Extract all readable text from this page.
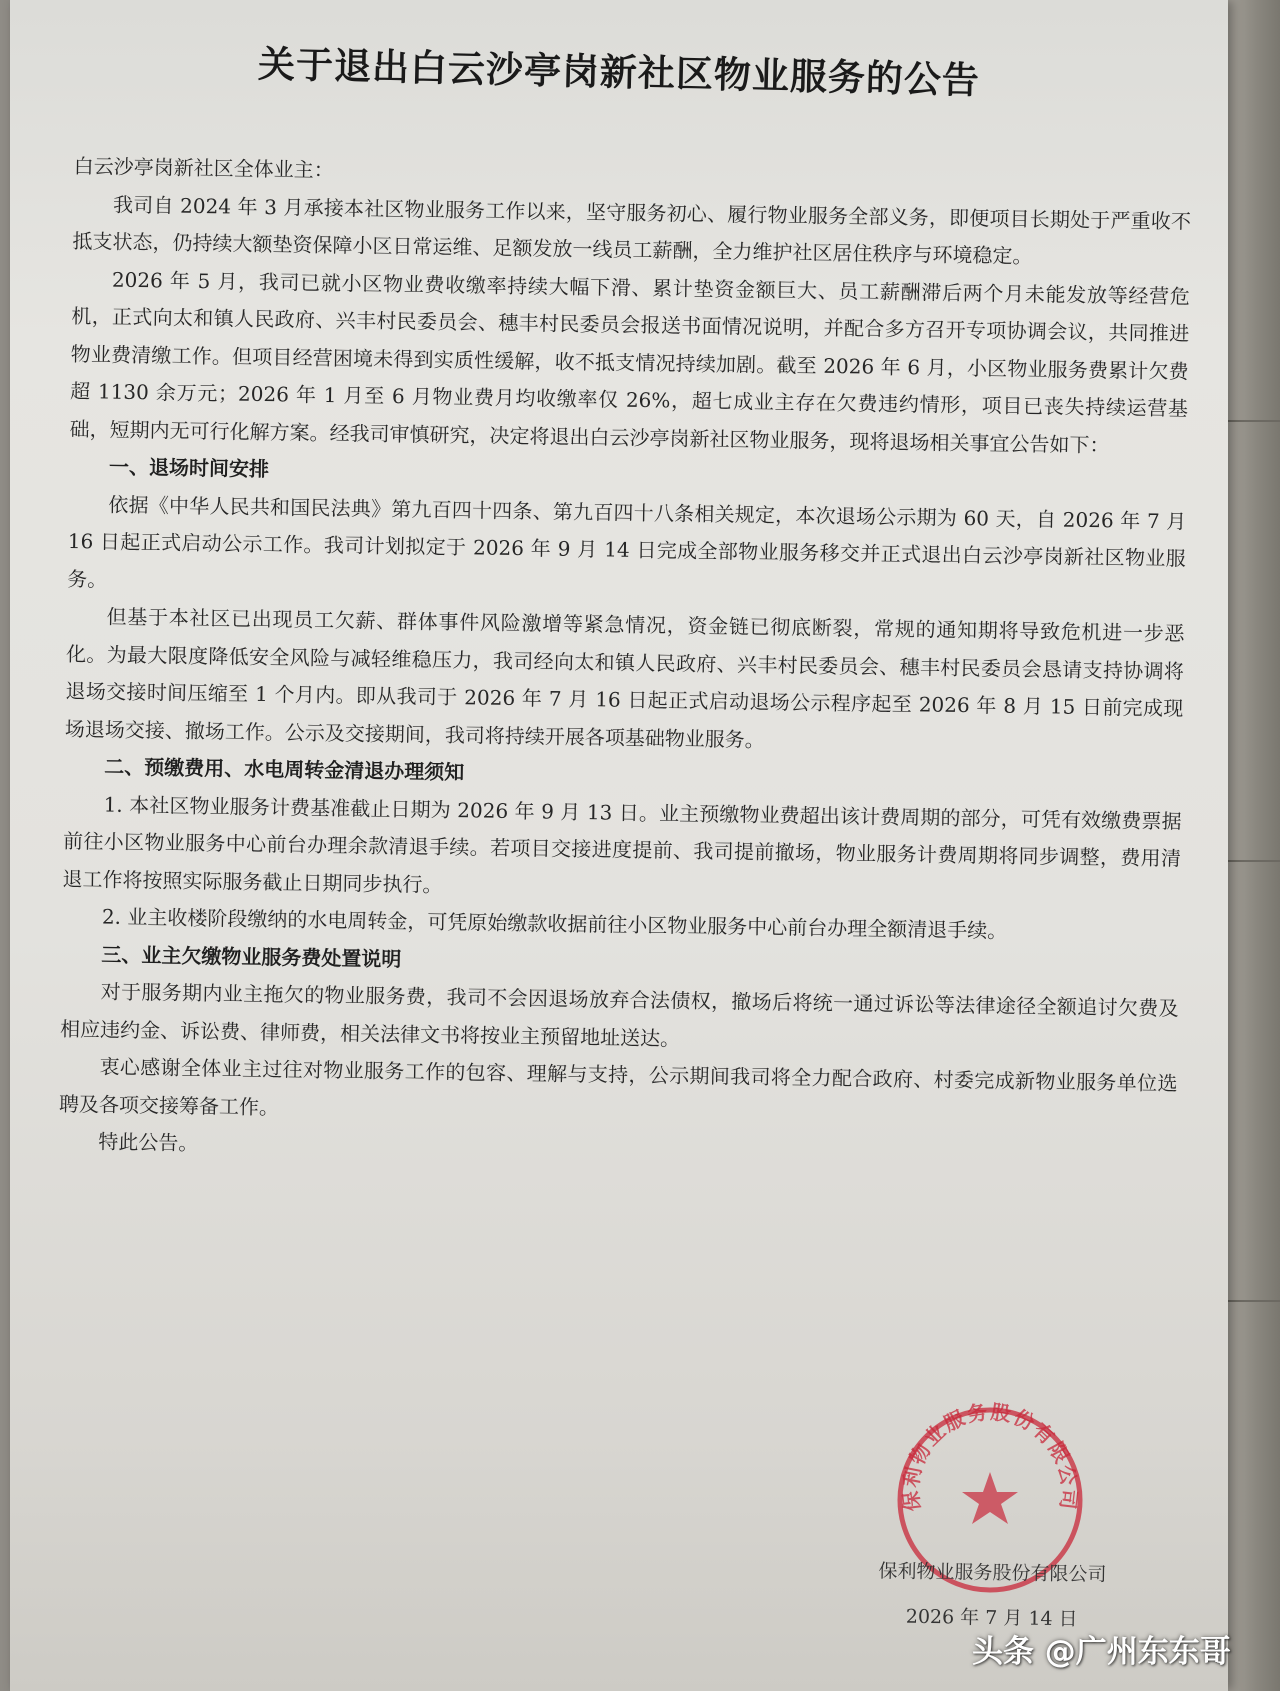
关于退出白云沙亭岗新社区物业服务的公告

白云沙亭岗新社区全体业主：

我司自 2024 年 3 月承接本社区物业服务工作以来，坚守服务初心、履行物业服务全部义务，即便项目长期处于严重收不抵支状态，仍持续大额垫资保障小区日常运维、足额发放一线员工薪酬，全力维护社区居住秩序与环境稳定。

2026 年 5 月，我司已就小区物业费收缴率持续大幅下滑、累计垫资金额巨大、员工薪酬滞后两个月未能发放等经营危机，正式向太和镇人民政府、兴丰村民委员会、穗丰村民委员会报送书面情况说明，并配合多方召开专项协调会议，共同推进物业费清缴工作。但项目经营困境未得到实质性缓解，收不抵支情况持续加剧。截至 2026 年 6 月，小区物业服务费累计欠费超 1130 余万元；2026 年 1 月至 6 月物业费月均收缴率仅 26%，超七成业主存在欠费违约情形，项目已丧失持续运营基础，短期内无可行化解方案。经我司审慎研究，决定将退出白云沙亭岗新社区物业服务，现将退场相关事宜公告如下：

一、退场时间安排

依据《中华人民共和国民法典》第九百四十四条、第九百四十八条相关规定，本次退场公示期为 60 天，自 2026 年 7 月 16 日起正式启动公示工作。我司计划拟定于 2026 年 9 月 14 日完成全部物业服务移交并正式退出白云沙亭岗新社区物业服务。

但基于本社区已出现员工欠薪、群体事件风险激增等紧急情况，资金链已彻底断裂，常规的通知期将导致危机进一步恶化。为最大限度降低安全风险与减轻维稳压力，我司经向太和镇人民政府、兴丰村民委员会、穗丰村民委员会恳请支持协调将退场交接时间压缩至 1 个月内。即从我司于 2026 年 7 月 16 日起正式启动退场公示程序起至 2026 年 8 月 15 日前完成现场退场交接、撤场工作。公示及交接期间，我司将持续开展各项基础物业服务。

二、预缴费用、水电周转金清退办理须知

1. 本社区物业服务计费基准截止日期为 2026 年 9 月 13 日。业主预缴物业费超出该计费周期的部分，可凭有效缴费票据前往小区物业服务中心前台办理余款清退手续。若项目交接进度提前、我司提前撤场，物业服务计费周期将同步调整，费用清退工作将按照实际服务截止日期同步执行。

2. 业主收楼阶段缴纳的水电周转金，可凭原始缴款收据前往小区物业服务中心前台办理全额清退手续。

三、业主欠缴物业服务费处置说明

对于服务期内业主拖欠的物业服务费，我司不会因退场放弃合法债权，撤场后将统一通过诉讼等法律途径全额追讨欠费及相应违约金、诉讼费、律师费，相关法律文书将按业主预留地址送达。

衷心感谢全体业主过往对物业服务工作的包容、理解与支持，公示期间我司将全力配合政府、村委完成新物业服务单位选聘及各项交接筹备工作。

特此公告。

保利物业服务股份有限公司
保利物业服务股份有限公司
2026 年 7 月 14 日
头条 @广州东东哥
